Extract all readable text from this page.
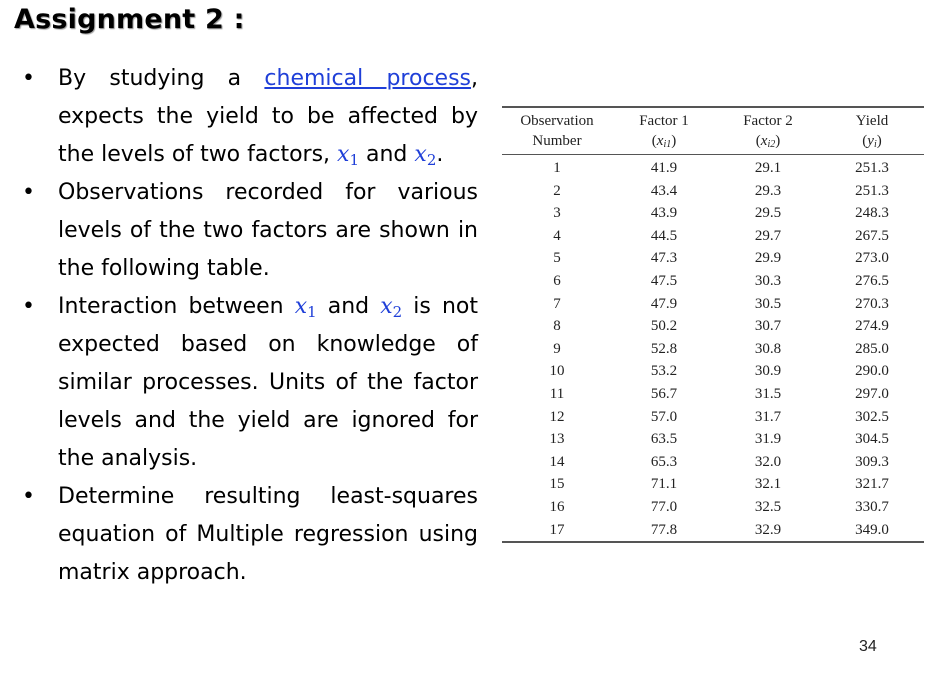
Assignment 2 :
• By studying a chemical process, expects the yield to be affected by the levels of two factors, $x_1$ and $x_2$.
• Observations recorded for various levels of the two factors are shown in the following table.
• Interaction between $x_1$ and $x_2$ is not expected based on knowledge of similar processes. Units of the factor levels and the yield are ignored for the analysis.
• Determine resulting least-squares equation of Multiple regression using matrix approach.
Observation	Factor 1	Factor 2	Yield
Number	$(x_{i1})$	$(x_{i2})$	$(y_i)$
1	41.9	29.1	251.3
2	43.4	29.3	251.3
3	43.9	29.5	248.3
4	44.5	29.7	267.5
5	47.3	29.9	273.0
6	47.5	30.3	276.5
7	47.9	30.5	270.3
8	50.2	30.7	274.9
9	52.8	30.8	285.0
10	53.2	30.9	290.0
11	56.7	31.5	297.0
12	57.0	31.7	302.5
13	63.5	31.9	304.5
14	65.3	32.0	309.3
15	71.1	32.1	321.7
16	77.0	32.5	330.7
17	77.8	32.9	349.0
34
